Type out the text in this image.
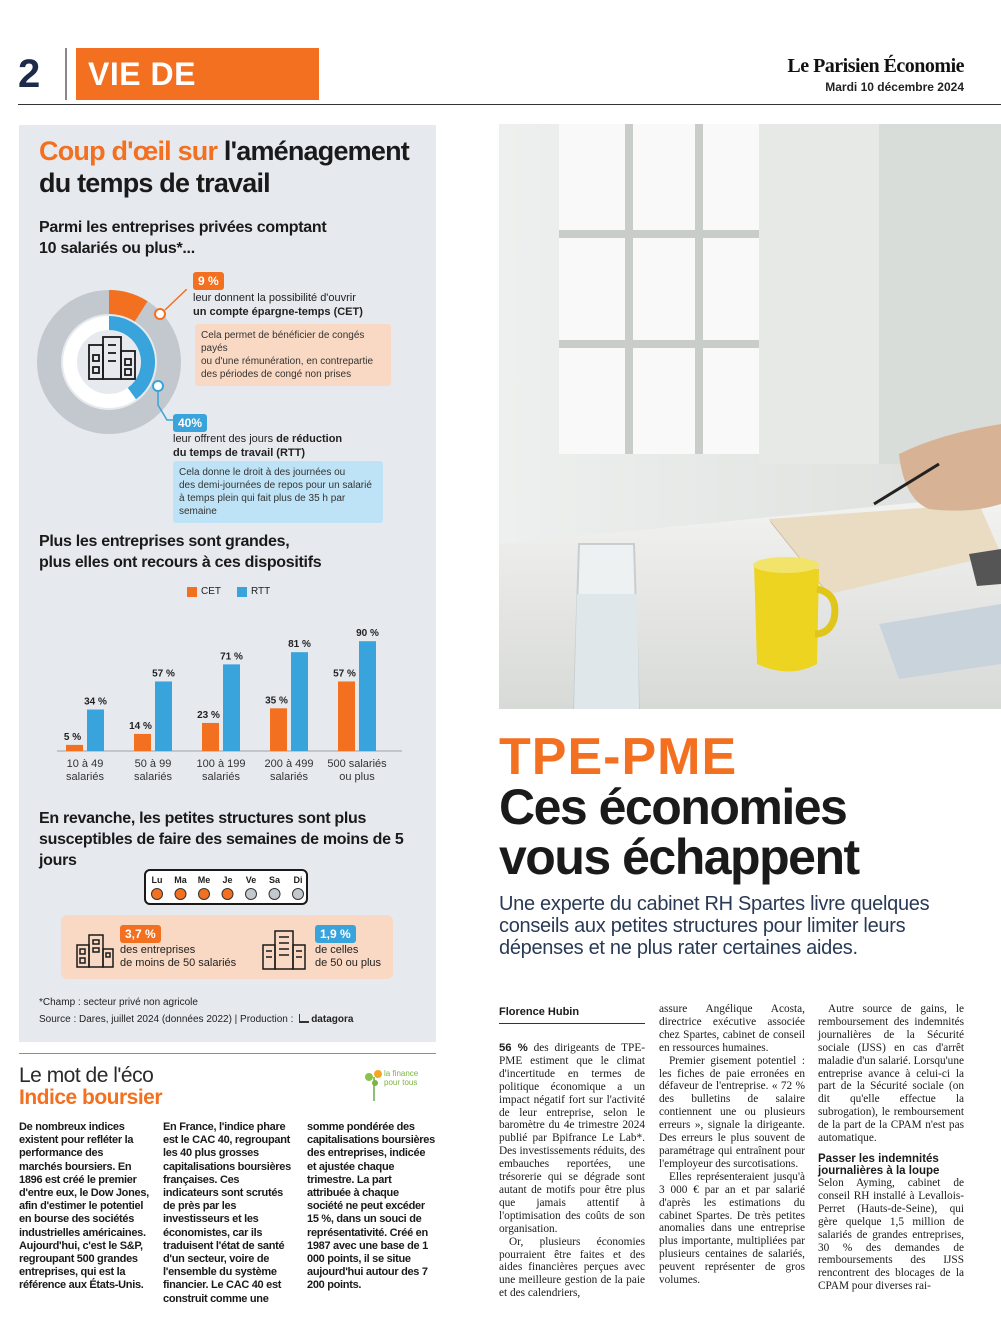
2	VIE DE	Le Parisien Économie
Mardi 10 décembre 2024
Coup d'œil sur l'aménagement
du temps de travail
Parmi les entreprises privées comptant
10 salariés ou plus*...
9 %
leur donnent la possibilité d'ouvrir
un compte épargne-temps (CET)
Cela permet de bénéficier de congés payés
ou d'une rémunération, en contrepartie
des périodes de congé non prises
40%
leur offrent des jours de réduction
du temps de travail (RTT)
Cela donne le droit à des journées ou
des demi-journées de repos pour un salarié
à temps plein qui fait plus de 35 h par semaine
Plus les entreprises sont grandes,
plus elles ont recours à ces dispositifs
CET	RTT
5 %
34 %
10 à 49
salariés
14 %
57 %
50 à 99
salariés
23 %
71 %
100 à 199
salariés
35 %
81 %
200 à 499
salariés
57 %
90 %
500 salariés
ou plus
En revanche, les petites structures sont plus
susceptibles de faire des semaines de moins de 5 jours
Lu Ma Me Je Ve Sa Di
3,7 %
des entreprises
de moins de 50 salariés
1,9 %
de celles
de 50 ou plus
*Champ : secteur privé non agricole
Source : Dares, juillet 2024 (données 2022) | Production : datagora
TPE-PME
Ces économies
vous échappent
Une experte du cabinet RH Spartes livre quelques conseils aux petites structures pour limiter leurs dépenses et ne plus rater certaines aides.
Florence Hubin

56 % des dirigeants de TPE-PME estiment que le climat d'incertitude en termes de politique économique a un impact négatif fort sur l'activité de leur entreprise, selon le baromètre du 4e trimestre 2024 publié par Bpifrance Le Lab*. Des investissements réduits, des embauches reportées, une trésorerie qui se dégrade sont autant de motifs pour être plus que jamais attentif à l'optimisation des coûts de son organisation.

Or, plusieurs économies pourraient être faites et des aides financières perçues avec une meilleure gestion de la paie et des calendriers,

assure Angélique Acosta, directrice exécutive associée chez Spartes, cabinet de conseil en ressources humaines.

Premier gisement potentiel : les fiches de paie erronées en défaveur de l'entreprise. « 72 % des bulletins de salaire contiennent une ou plusieurs erreurs », signale la dirigeante. Des erreurs le plus souvent de paramétrage qui entraînent pour l'employeur des surcotisations.

Elles représenteraient jusqu'à 3 000 € par an et par salarié d'après les estimations du cabinet Spartes. De très petites anomalies dans une entreprise plus importante, multipliées par plusieurs centaines de salariés, peuvent représenter de gros volumes.

Autre source de gains, le remboursement des indemnités journalières de la Sécurité sociale (IJSS) en cas d'arrêt maladie d'un salarié. Lorsqu'une entreprise avance à celui-ci la part de la Sécurité sociale (on dit qu'elle effectue la subrogation), le remboursement de la part de la CPAM n'est pas automatique.

Passer les indemnités journalières à la loupe

Selon Ayming, cabinet de conseil RH installé à Levallois-Perret (Hauts-de-Seine), qui gère quelque 1,5 million de salariés de grandes entreprises, 30 % des demandes de remboursements des IJSS rencontrent des blocages de la CPAM pour diverses rai-

Le mot de l'éco
Indice boursier
la finance
pour tous
De nombreux indices existent pour refléter la performance des marchés boursiers. En 1896 est créé le premier d'entre eux, le Dow Jones, afin d'estimer le potentiel en bourse des sociétés industrielles américaines. Aujourd'hui, c'est le S&P, regroupant 500 grandes entreprises, qui est la référence aux États-Unis.
En France, l'indice phare est le CAC 40, regroupant les 40 plus grosses capitalisations boursières françaises. Ces indicateurs sont scrutés de près par les investisseurs et les économistes, car ils traduisent l'état de santé d'un secteur, voire de l'ensemble du système financier. Le CAC 40 est construit comme une
somme pondérée des capitalisations boursières des entreprises, indicée et ajustée chaque trimestre. La part attribuée à chaque société ne peut excéder 15 %, dans un souci de représentativité. Créé en 1987 avec une base de 1 000 points, il se situe aujourd'hui autour des 7 200 points.
